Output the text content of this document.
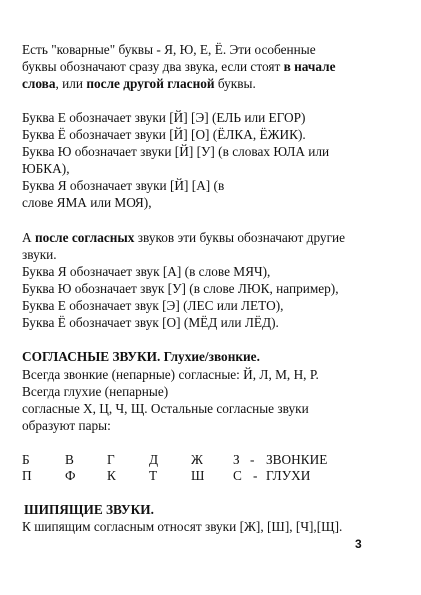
Есть "коварные" буквы - Я, Ю, Е, Ё. Эти особенные
буквы обозначают сразу два звука, если стоят в начале
слова, или после другой гласной буквы.
Буква Е обозначает звуки [Й] [Э] (ЕЛЬ или ЕГОР)
Буква Ё обозначает звуки [Й] [О] (ЁЛКА, ЁЖИК).
Буква Ю обозначает звуки [Й] [У] (в словах ЮЛА или
ЮБКА),
Буква Я обозначает звуки [Й] [А] (в
слове ЯМА или МОЯ),
А после согласных звуков эти буквы обозначают другие
звуки.
Буква Я обозначает звук [А] (в слове МЯЧ),
Буква Ю обозначает звук [У] (в слове ЛЮК, например),
Буква Е обозначает звук [Э] (ЛЕС или ЛЕТО),
Буква Ё обозначает звук [О] (МЁД или ЛЁД).
СОГЛАСНЫЕ ЗВУКИ. Глухие/звонкие.
Всегда звонкие (непарные) согласные: Й, Л, М, Н, Р.
Всегда глухие (непарные)
согласные Х, Ц, Ч, Щ. Остальные согласные звуки
образуют пары:
Б	В Г	Д Ж З - ЗВОНКИЕ
П	Ф К Т	Ш С - ГЛУХИ
ШИПЯЩИЕ ЗВУКИ.
К шипящим согласным относят звуки [Ж], [Ш], [Ч],[Щ].
3
